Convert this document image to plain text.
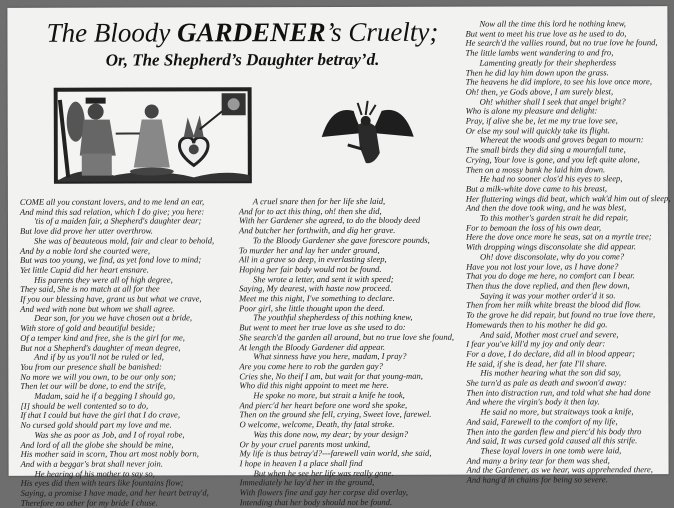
The Bloody GARDENER’s Cruelty;
Or, The Shepherd’s Daughter betray’d.
COME all you constant lovers, and to me lend an ear,
And mind this sad relation, which I do give; you here:
'tis of a maiden fair, a Shepherd's daughter dear;
But love did prove her utter overthrow.
She was of beauteous mold, fair and clear to behold,
And by a noble lord she courted were,
But was too young, we find, as yet fond love to mind;
Yet little Cupid did her heart ensnare.
His parents they were all of high degree,
They said, She is no match at all for thee
If you our blessing have, grant us but what we crave,
And wed with none but whom we shall agree.
Dear son, for you we have chosen out a bride,
With store of gold and beautiful beside;
Of a temper kind and free, she is the girl for me,
But not a Shepherd's daughter of mean degree,
And if by us you'll not be ruled or led,
You from our presence shall be banished:
No more we will you own, to be our only son;
Then let our will be done, to end the strife,
Madam, said he if a begging I should go,
[I] should be well contented so to do,
If that I could but have the girl that I do crave,
No cursed gold should part my love and me.
Was she as poor as Job, and I of royal robe,
And lord of all the globe she should be mine,
His mother said in scorn, Thou art most nobly born,
And with a beggar's brat shall never join.
He hearing of his mother to say so,
His eyes did then with tears like fountains flow;
Saying, a promise I have made, and her heart betray'd,
Therefore no other for my bride I chuse.
A cruel snare then for her life she laid,
And for to act this thing, oh! then she did,
With her Gardener she agreed, to do the bloody deed
And butcher her forthwith, and dig her grave.
To the Bloody Gardener she gave forescore pounds,
To murder her and lay her under ground,
All in a grave so deep, in everlasting sleep,
Hoping her fair body would not be found.
She wrote a letter, and sent it with speed;
Saying, My dearest, with haste now proceed.
Meet me this night, I've something to declare.
Poor girl, she little thought upon the deed.
The youthful shepherdess of this nothing knew,
But went to meet her true love as she used to do:
She search'd the garden all around, but no true love she found,
At length the Bloody Gardener did appear.
What sinness have you here, madam, I pray?
Are you come here to rob the garden gay?
Cries she, No theif I am, but wait for that young-man,
Who did this night appoint to meet me here.
He spoke no more, but strait a knife he took,
And pierc'd her heart before one word she spoke,
Then on the ground she fell, crying, Sweet love, farewel.
O welcome, welcome, Death, thy fatal stroke.
Was this done now, my dear; by your design?
Or by your cruel parents most unkind,
My life is thus betray'd?---farewell vain world, she said,
I hope in heaven I a place shall find
But when he see her life was really gone.
Immediately he lay'd her in the ground,
With flowers fine and gay her corpse did overlay,
Intending that her body should not be found.
Now all the time this lord he nothing knew,
But went to meet his true love as he used to do,
He search'd the vallies round, but no true love he found,
The little lambs went wandering to and fro,
Lamenting greatly for their shepherdess
Then he did lay him down upon the grass.
The heavens he did implore, to see his love once more,
Oh! then, ye Gods above, I am surely blest,
Oh! whither shall I seek that angel bright?
Who is alone my pleasure and delight:
Pray, if alive she be, let me my true love see,
Or else my soul will quickly take its flight.
Whereat the woods and groves began to mourn:
The small birds they did sing a mournfull tune,
Crying, Your love is gone, and you left quite alone,
Then on a mossy bank he laid him down.
He had no sooner clos'd his eyes to sleep,
But a milk-white dove came to his breast,
Her fluttering wings did beat, which wak'd him out of sleep,
And then the dove took wing, and he was blest,
To this mother's garden strait he did repair,
For to bemoan the loss of his own dear,
Here the dove once more he seas, sat on a myrtle tree;
With dropping wings disconsolate she did appear.
Oh! dove disconsolate, why do you come?
Have you not lost your love, as I have done?
That you do doge me here, no comfort can I bear.
Then thus the dove replied, and then flew down,
Saying it was your mother order'd it so.
Then from her milk white breast the blood did flow.
To the grove he did repair, but found no true love there,
Homewards then to his mother he did go.
And said, Mother most cruel and severe,
I fear you've kill'd my joy and only dear:
For a dove, I do declare, did all in blood appear;
He said, if she is dead, her fate I'll share.
His mother hearing what the son did say,
She turn'd as pale as death and swoon'd away:
Then into distraction run, and told what she had done
And where the virgin's body it then lay.
He said no more, but straitways took a knife,
And said, Farewell to the comfort of my life,
Then into the garden flew and pierc'd his body thro
And said, It was cursed gold caused all this strife.
These loyal lovers in one tomb were laid,
And many a briny tear for them was shed,
And the Gardener, as we hear, was apprehended there,
And hang'd in chains for being so severe.
